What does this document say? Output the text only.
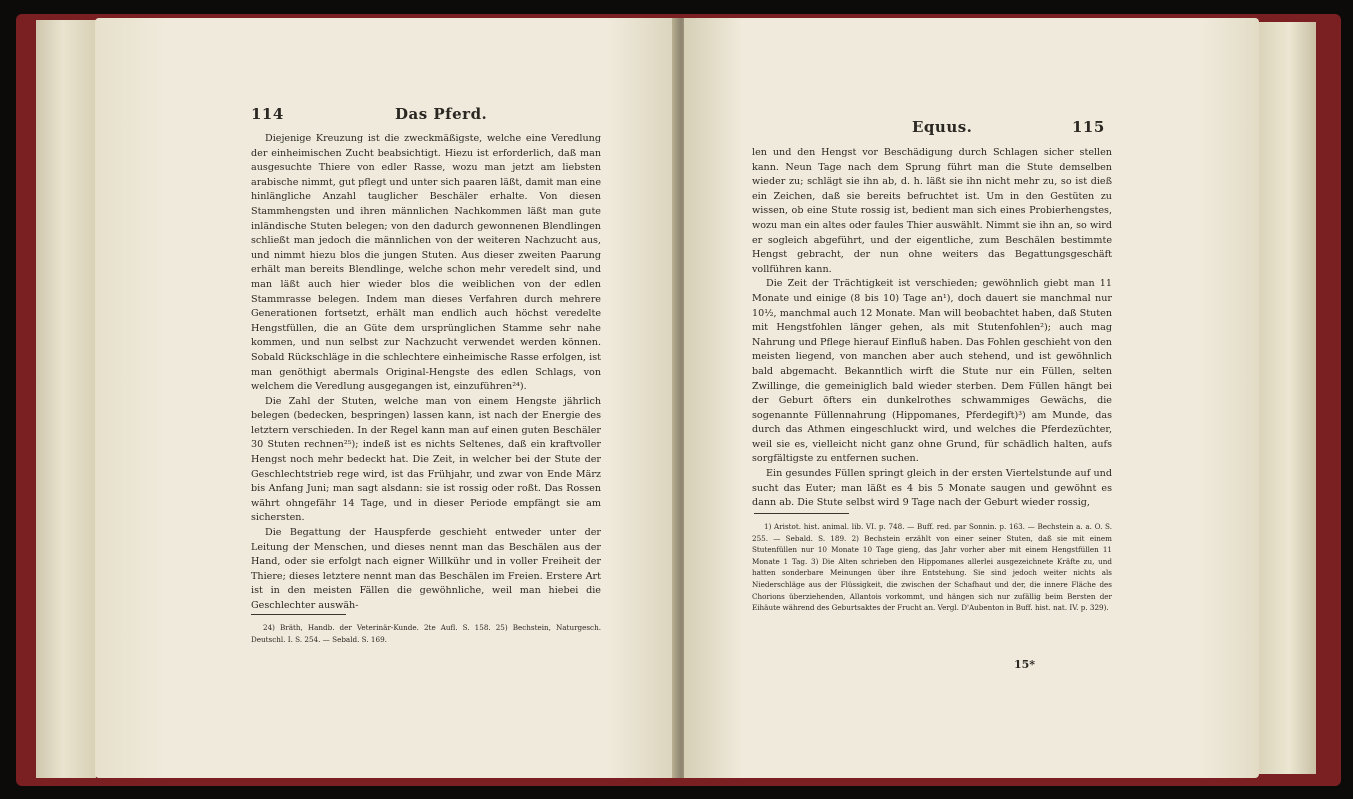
114	Das Pferd.

Diejenige Kreuzung ist die zweckmäßigste, welche eine Veredlung der einheimischen Zucht beabsichtigt. Hiezu ist erforderlich, daß man ausgesuchte Thiere von edler Rasse, wozu man jetzt am liebsten arabische nimmt, gut pflegt und unter sich paaren läßt, damit man eine hinlängliche Anzahl tauglicher Beschäler erhalte. Von diesen Stammhengsten und ihren männlichen Nachkommen läßt man gute inländische Stuten belegen; von den dadurch gewonnenen Blendlingen schließt man jedoch die männlichen von der weiteren Nachzucht aus, und nimmt hiezu blos die jungen Stuten. Aus dieser zweiten Paarung erhält man bereits Blendlinge, welche schon mehr veredelt sind, und man läßt auch hier wieder blos die weiblichen von der edlen Stammrasse belegen. Indem man dieses Verfahren durch mehrere Generationen fortsetzt, erhält man endlich auch höchst veredelte Hengstfüllen, die an Güte dem ursprünglichen Stamme sehr nahe kommen, und nun selbst zur Nachzucht verwendet werden können. Sobald Rückschläge in die schlechtere einheimische Rasse erfolgen, ist man genöthigt abermals Original-Hengste des edlen Schlags, von welchem die Veredlung ausgegangen ist, einzuführen²⁴).

Die Zahl der Stuten, welche man von einem Hengste jährlich belegen (bedecken, bespringen) lassen kann, ist nach der Energie des letztern verschieden. In der Regel kann man auf einen guten Beschäler 30 Stuten rechnen²⁵); indeß ist es nichts Seltenes, daß ein kraftvoller Hengst noch mehr bedeckt hat. Die Zeit, in welcher bei der Stute der Geschlechtstrieb rege wird, ist das Frühjahr, und zwar von Ende März bis Anfang Juni; man sagt alsdann: sie ist rossig oder roßt. Das Rossen währt ohngefähr 14 Tage, und in dieser Periode empfängt sie am sichersten.

Die Begattung der Hauspferde geschieht entweder unter der Leitung der Menschen, und dieses nennt man das Beschälen aus der Hand, oder sie erfolgt nach eigner Willkühr und in voller Freiheit der Thiere; dieses letztere nennt man das Beschälen im Freien. Erstere Art ist in den meisten Fällen die gewöhnliche, weil man hiebei die Geschlechter auswäh-

24) Bräth, Handb. der Veterinär-Kunde. 2te Aufl. S. 158. 25) Bechstein, Naturgesch. Deutschl. I. S. 254. — Sebald. S. 169.

Equus.	115

len und den Hengst vor Beschädigung durch Schlagen sicher stellen kann. Neun Tage nach dem Sprung führt man die Stute demselben wieder zu; schlägt sie ihn ab, d. h. läßt sie ihn nicht mehr zu, so ist dieß ein Zeichen, daß sie bereits befruchtet ist. Um in den Gestüten zu wissen, ob eine Stute rossig ist, bedient man sich eines Probierhengstes, wozu man ein altes oder faules Thier auswählt. Nimmt sie ihn an, so wird er sogleich abgeführt, und der eigentliche, zum Beschälen bestimmte Hengst gebracht, der nun ohne weiters das Begattungsgeschäft vollführen kann.

Die Zeit der Trächtigkeit ist verschieden; gewöhnlich giebt man 11 Monate und einige (8 bis 10) Tage an¹), doch dauert sie manchmal nur 10½, manchmal auch 12 Monate. Man will beobachtet haben, daß Stuten mit Hengstfohlen länger gehen, als mit Stutenfohlen²); auch mag Nahrung und Pflege hierauf Einfluß haben. Das Fohlen geschieht von den meisten liegend, von manchen aber auch stehend, und ist gewöhnlich bald abgemacht. Bekanntlich wirft die Stute nur ein Füllen, selten Zwillinge, die gemeiniglich bald wieder sterben. Dem Füllen hängt bei der Geburt öfters ein dunkelrothes schwammiges Gewächs, die sogenannte Füllennahrung (Hippomanes, Pferdegift)³) am Munde, das durch das Athmen eingeschluckt wird, und welches die Pferdezüchter, weil sie es, vielleicht nicht ganz ohne Grund, für schädlich halten, aufs sorgfältigste zu entfernen suchen.

Ein gesundes Füllen springt gleich in der ersten Viertelstunde auf und sucht das Euter; man läßt es 4 bis 5 Monate saugen und gewöhnt es dann ab. Die Stute selbst wird 9 Tage nach der Geburt wieder rossig,

1) Aristot. hist. animal. lib. VI. p. 748. — Buff. red. par Sonnin. p. 163. — Bechstein a. a. O. S. 255. — Sebald. S. 189. 2) Bechstein erzählt von einer seiner Stuten, daß sie mit einem Stutenfüllen nur 10 Monate 10 Tage gieng, das Jahr vorher aber mit einem Hengstfüllen 11 Monate 1 Tag. 3) Die Alten schrieben den Hippomanes allerlei ausgezeichnete Kräfte zu, und hatten sonderbare Meinungen über ihre Entstehung. Sie sind jedoch weiter nichts als Niederschläge aus der Flüssigkeit, die zwischen der Schafhaut und der, die innere Fläche des Chorions überziehenden, Allantois vorkommt, und hängen sich nur zufällig beim Bersten der Eihäute während des Geburtsaktes der Frucht an. Vergl. D'Aubenton in Buff. hist. nat. IV. p. 329).

15*
